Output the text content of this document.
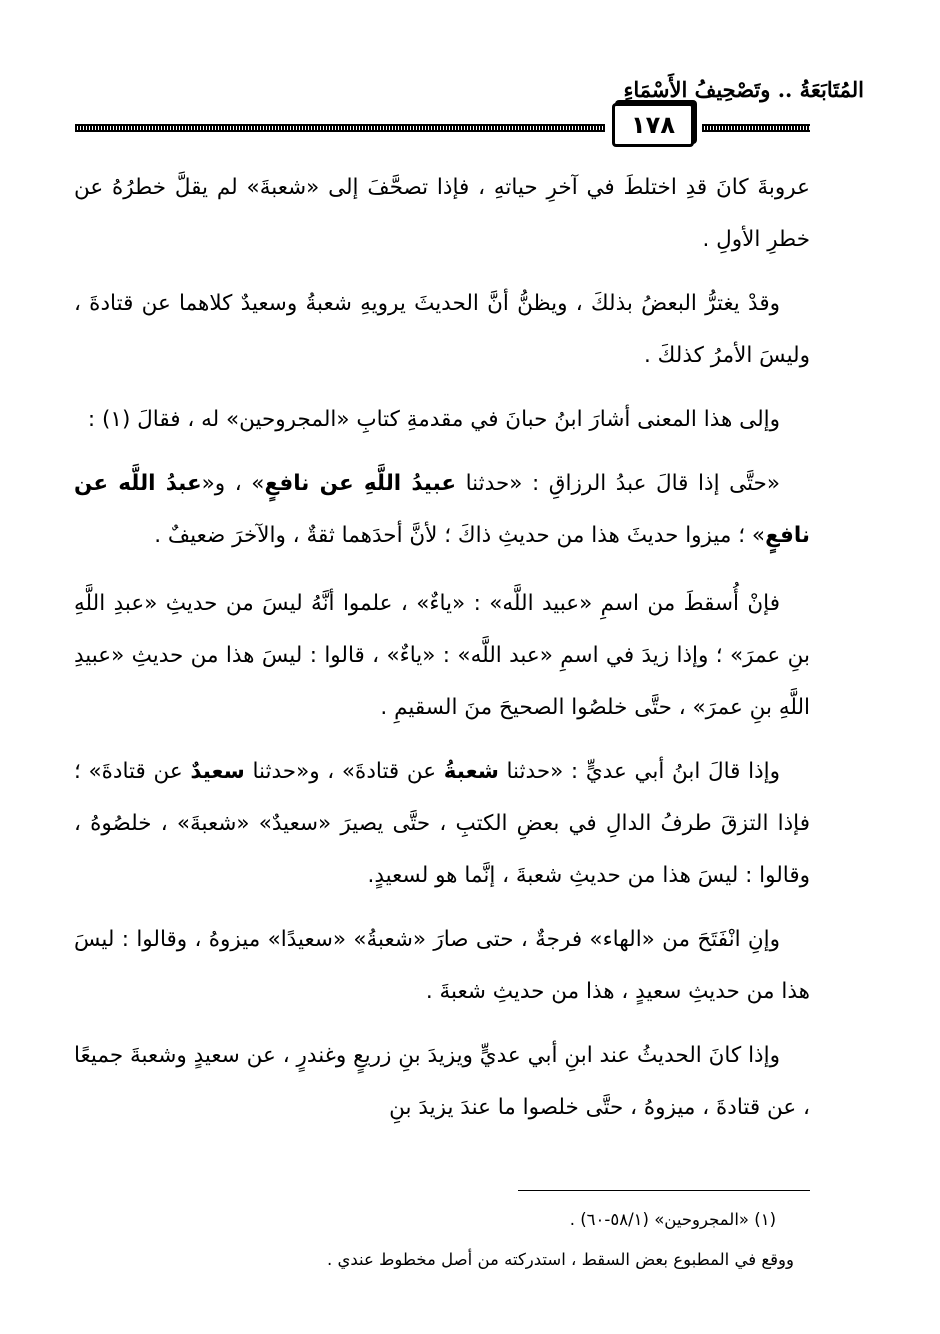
المُتَابَعَةُ .. وتَصْحِيفُ الأَسْمَاءِ
١٧٨

عروبةَ كانَ قدِ اختلطَ في آخرِ حياتهِ ، فإذا تصحَّفَ إلى «شعبةَ» لم يقلَّ خطرُهُ عن خطرِ الأولِ .

وقدْ يغترُّ البعضُ بذلكَ ، ويظنُّ أنَّ الحديثَ يرويهِ شعبةُ وسعيدٌ كلاهما عن قتادةَ ، وليسَ الأمرُ كذلكَ .

وإلى هذا المعنى أشارَ ابنُ حبانَ في مقدمةِ كتابِ «المجروحين» له ، فقالَ (١) :

«حتَّى إذا قالَ عبدُ الرزاقِ : «حدثنا عبيدُ اللَّهِ عن نافعٍ» ، و«عبدُ اللَّه عن نافعٍ» ؛ ميزوا حديثَ هذا من حديثِ ذاكَ ؛ لأنَّ أحدَهما ثقةٌ ، والآخرَ ضعيفٌ .

فإنْ أُسقطَ من اسمِ «عبيد اللَّه» : «ياءٌ» ، علموا أنَّهُ ليسَ من حديثِ «عبدِ اللَّهِ بنِ عمرَ» ؛ وإذا زيدَ في اسمِ «عبد اللَّه» : «ياءٌ» ، قالوا : ليسَ هذا من حديثِ «عبيدِ اللَّهِ بنِ عمرَ» ، حتَّى خلصُوا الصحيحَ منَ السقيمِ .

وإذا قالَ ابنُ أبي عديٍّ : «حدثنا شعبةُ عن قتادةَ» ، و«حدثنا سعيدٌ عن قتادةَ» ؛ فإذا التزقَ طرفُ الدالِ في بعضِ الكتبِ ، حتَّى يصيرَ «سعيدٌ» «شعبةَ» ، خلصُوهُ ، وقالوا : ليسَ هذا من حديثِ شعبةَ ، إنَّما هو لسعيدٍ.

وإنِ انْفَتَحَ من «الهاء» فرجةٌ ، حتى صارَ «شعبةُ» «سعيدًا» ميزوهُ ، وقالوا : ليسَ هذا من حديثِ سعيدٍ ، هذا من حديثِ شعبةَ .

وإذا كانَ الحديثُ عند ابنِ أبي عديٍّ ويزيدَ بنِ زريعٍ وغندرٍ ، عن سعيدٍ وشعبةَ جميعًا ، عن قتادةَ ، ميزوهُ ، حتَّى خلصوا ما عندَ يزيدَ بنِ

(١) «المجروحين» (٥٨/١-٦٠) .

ووقع في المطبوع بعض السقط ، استدركته من أصل مخطوط عندي .
